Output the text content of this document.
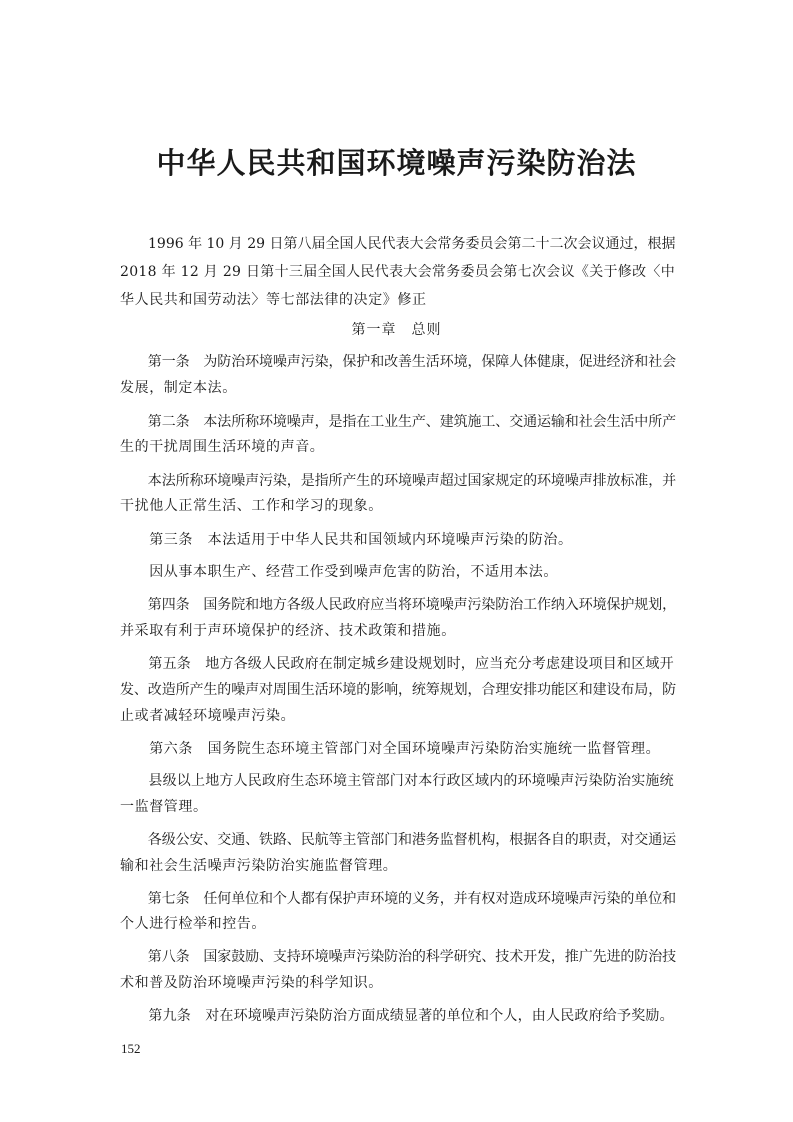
中华人民共和国环境噪声污染防治法
　　1996 年 10 月 29 日第八届全国人民代表大会常务委员会第二十二次会议通过，根据
2018 年 12 月 29 日第十三届全国人民代表大会常务委员会第七次会议《关于修改〈中
华人民共和国劳动法〉等七部法律的决定》修正
第一章　总则
　　第一条　为防治环境噪声污染，保护和改善生活环境，保障人体健康，促进经济和社会
发展，制定本法。
　　第二条　本法所称环境噪声，是指在工业生产、建筑施工、交通运输和社会生活中所产
生的干扰周围生活环境的声音。
　　本法所称环境噪声污染，是指所产生的环境噪声超过国家规定的环境噪声排放标准，并
干扰他人正常生活、工作和学习的现象。
　　第三条　本法适用于中华人民共和国领域内环境噪声污染的防治。
　　因从事本职生产、经营工作受到噪声危害的防治，不适用本法。
　　第四条　国务院和地方各级人民政府应当将环境噪声污染防治工作纳入环境保护规划，
并采取有利于声环境保护的经济、技术政策和措施。
　　第五条　地方各级人民政府在制定城乡建设规划时，应当充分考虑建设项目和区域开
发、改造所产生的噪声对周围生活环境的影响，统筹规划，合理安排功能区和建设布局，防
止或者减轻环境噪声污染。
　　第六条　国务院生态环境主管部门对全国环境噪声污染防治实施统一监督管理。
　　县级以上地方人民政府生态环境主管部门对本行政区域内的环境噪声污染防治实施统
一监督管理。
　　各级公安、交通、铁路、民航等主管部门和港务监督机构，根据各自的职责，对交通运
输和社会生活噪声污染防治实施监督管理。
　　第七条　任何单位和个人都有保护声环境的义务，并有权对造成环境噪声污染的单位和
个人进行检举和控告。
　　第八条　国家鼓励、支持环境噪声污染防治的科学研究、技术开发，推广先进的防治技
术和普及防治环境噪声污染的科学知识。
　　第九条　对在环境噪声污染防治方面成绩显著的单位和个人，由人民政府给予奖励。
152
